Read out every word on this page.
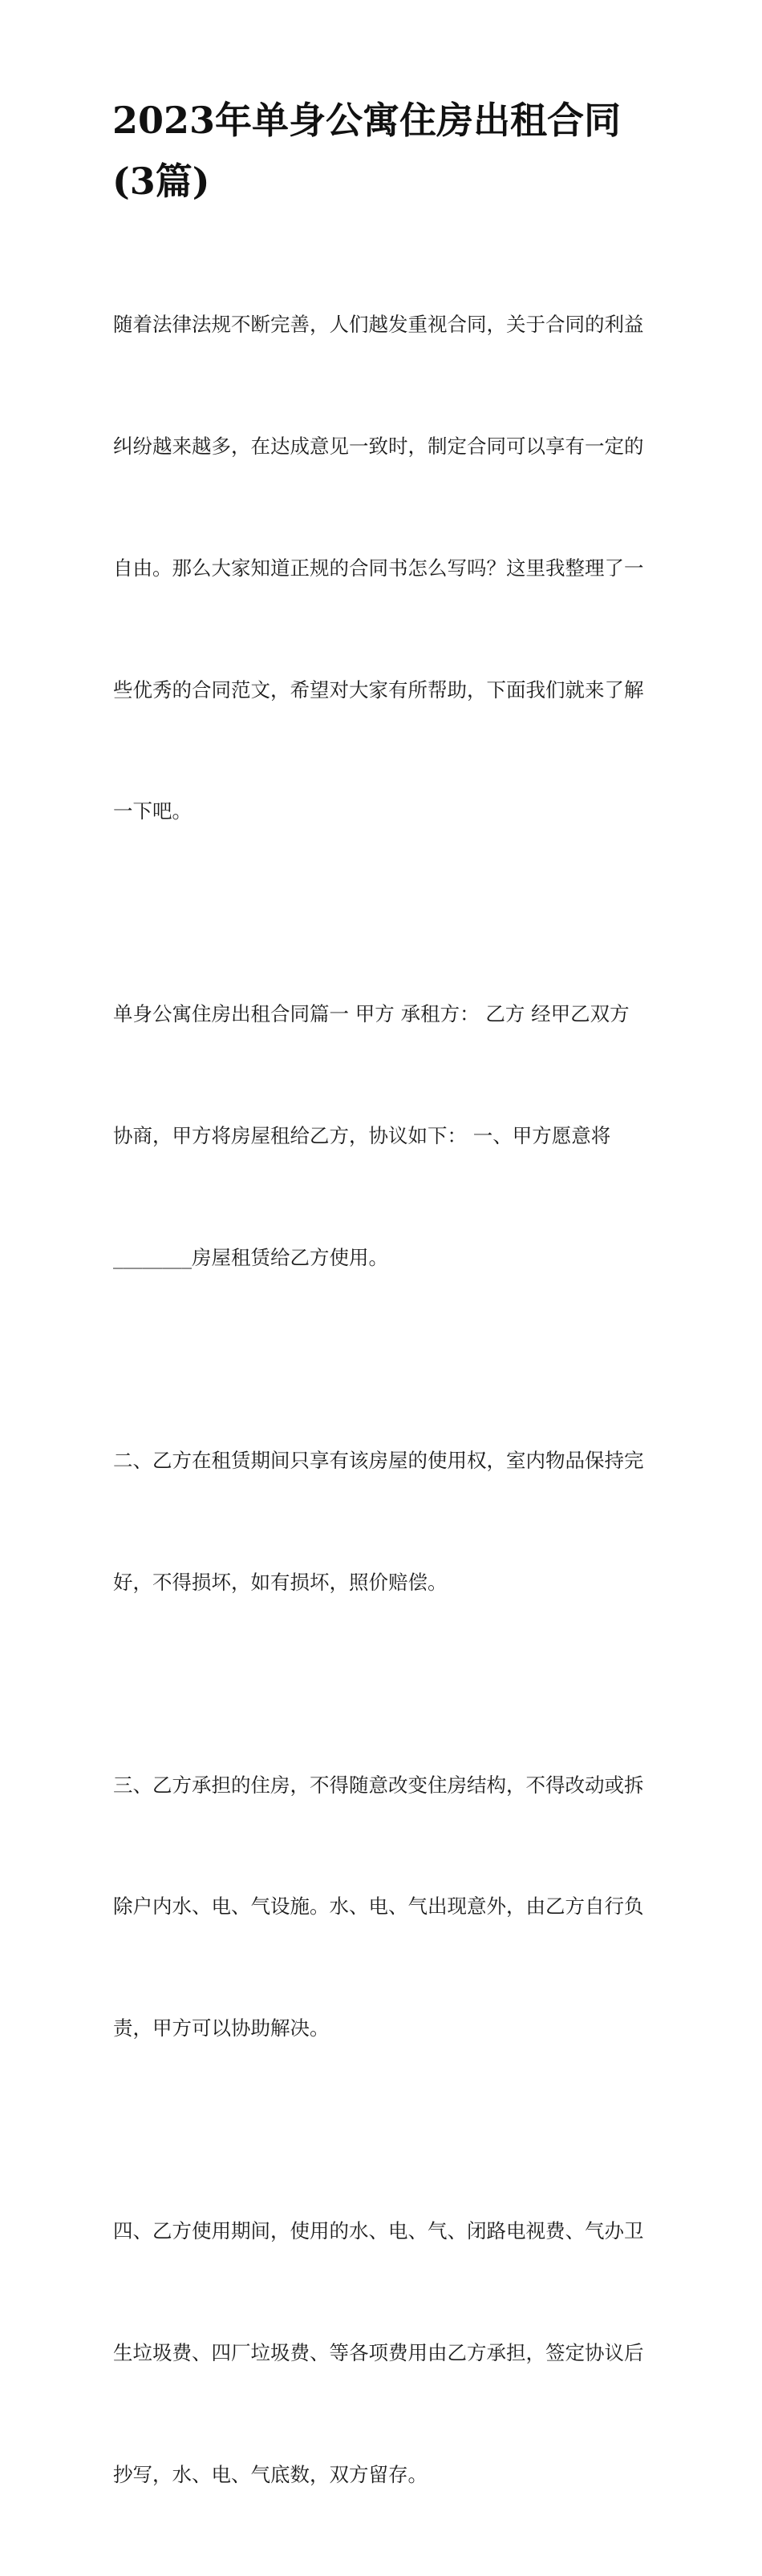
2023年单身公寓住房出租合同
(3篇)

随着法律法规不断完善，人们越发重视合同，关于合同的利益

纠纷越来越多，在达成意见一致时，制定合同可以享有一定的

自由。那么大家知道正规的合同书怎么写吗？这里我整理了一

些优秀的合同范文，希望对大家有所帮助，下面我们就来了解

一下吧。

单身公寓住房出租合同篇一 甲方 承租方： 乙方 经甲乙双方

协商，甲方将房屋租给乙方，协议如下： 一、甲方愿意将

________房屋租赁给乙方使用。

二、乙方在租赁期间只享有该房屋的使用权，室内物品保持完

好，不得损坏，如有损坏，照价赔偿。

三、乙方承担的住房，不得随意改变住房结构，不得改动或拆

除户内水、电、气设施。水、电、气出现意外，由乙方自行负

责，甲方可以协助解决。

四、乙方使用期间，使用的水、电、气、闭路电视费、气办卫

生垃圾费、四厂垃圾费、等各项费用由乙方承担，签定协议后

抄写，水、电、气底数，双方留存。
